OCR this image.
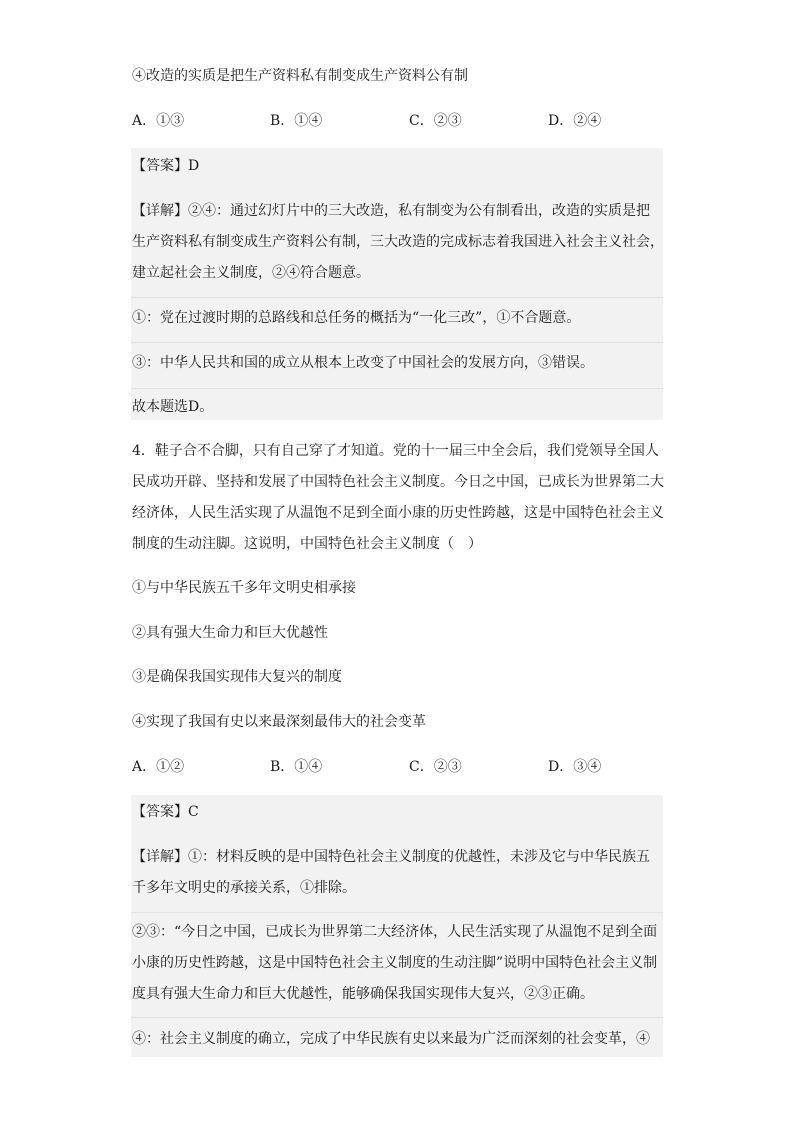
④改造的实质是把生产资料私有制变成生产资料公有制
A．①③	B．①④	C．②③	D．②④
【答案】D
【详解】②④：通过幻灯片中的三大改造，私有制变为公有制看出，改造的实质是把
生产资料私有制变成生产资料公有制，三大改造的完成标志着我国进入社会主义社会，
建立起社会主义制度，②④符合题意。
①：党在过渡时期的总路线和总任务的概括为“一化三改”，①不合题意。
③：中华人民共和国的成立从根本上改变了中国社会的发展方向，③错误。
故本题选D。
4．鞋子合不合脚，只有自己穿了才知道。党的十一届三中全会后，我们党领导全国人
民成功开辟、坚持和发展了中国特色社会主义制度。今日之中国，已成长为世界第二大
经济体，人民生活实现了从温饱不足到全面小康的历史性跨越，这是中国特色社会主义
制度的生动注脚。这说明，中国特色社会主义制度（　）
①与中华民族五千多年文明史相承接
②具有强大生命力和巨大优越性
③是确保我国实现伟大复兴的制度
④实现了我国有史以来最深刻最伟大的社会变革
A．①②	B．①④	C．②③	D．③④
【答案】C
【详解】①：材料反映的是中国特色社会主义制度的优越性，未涉及它与中华民族五
千多年文明史的承接关系，①排除。
②③：“今日之中国，已成长为世界第二大经济体，人民生活实现了从温饱不足到全面
小康的历史性跨越，这是中国特色社会主义制度的生动注脚”说明中国特色社会主义制
度具有强大生命力和巨大优越性，能够确保我国实现伟大复兴，②③正确。
④：社会主义制度的确立，完成了中华民族有史以来最为广泛而深刻的社会变革，④
